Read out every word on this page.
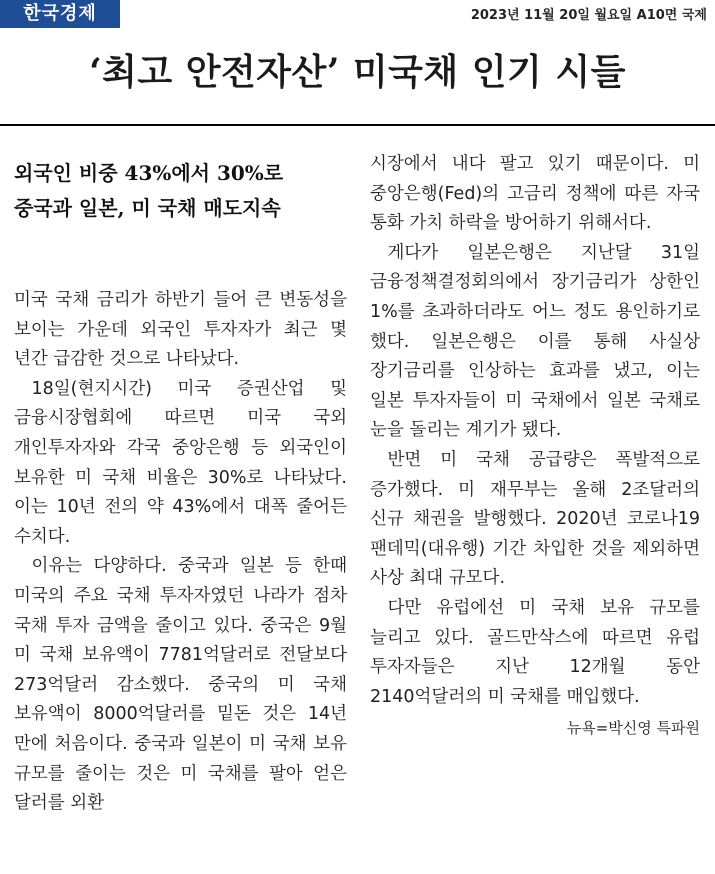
한국경제	2023년 11월 20일 월요일 A10면 국제
‘최고 안전자산’ 미국채 인기 시들

외국인 비중 43%에서 30%로
중국과 일본, 미 국채 매도지속

미국 국채 금리가 하반기 들어 큰 변동성을 보이는 가운데 외국인 투자자가 최근 몇 년간 급감한 것으로 나타났다.

18일(현지시간) 미국 증권산업 및 금융시장협회에 따르면 미국 국외 개인투자자와 각국 중앙은행 등 외국인이 보유한 미 국채 비율은 30%로 나타났다. 이는 10년 전의 약 43%에서 대폭 줄어든 수치다.

이유는 다양하다. 중국과 일본 등 한때 미국의 주요 국채 투자자였던 나라가 점차 국채 투자 금액을 줄이고 있다. 중국은 9월 미 국채 보유액이 7781억달러로 전달보다 273억달러 감소했다. 중국의 미 국채 보유액이 8000억달러를 밑돈 것은 14년 만에 처음이다. 중국과 일본이 미 국채 보유 규모를 줄이는 것은 미 국채를 팔아 얻은 달러를 외환

시장에서 내다 팔고 있기 때문이다. 미 중앙은행(Fed)의 고금리 정책에 따른 자국 통화 가치 하락을 방어하기 위해서다.

게다가 일본은행은 지난달 31일 금융정책결정회의에서 장기금리가 상한인 1%를 초과하더라도 어느 정도 용인하기로 했다. 일본은행은 이를 통해 사실상 장기금리를 인상하는 효과를 냈고, 이는 일본 투자자들이 미 국채에서 일본 국채로 눈을 돌리는 계기가 됐다.

반면 미 국채 공급량은 폭발적으로 증가했다. 미 재무부는 올해 2조달러의 신규 채권을 발행했다. 2020년 코로나19 팬데믹(대유행) 기간 차입한 것을 제외하면 사상 최대 규모다.

다만 유럽에선 미 국채 보유 규모를 늘리고 있다. 골드만삭스에 따르면 유럽 투자자들은 지난 12개월 동안 2140억달러의 미 국채를 매입했다.

뉴욕=박신영 특파원
